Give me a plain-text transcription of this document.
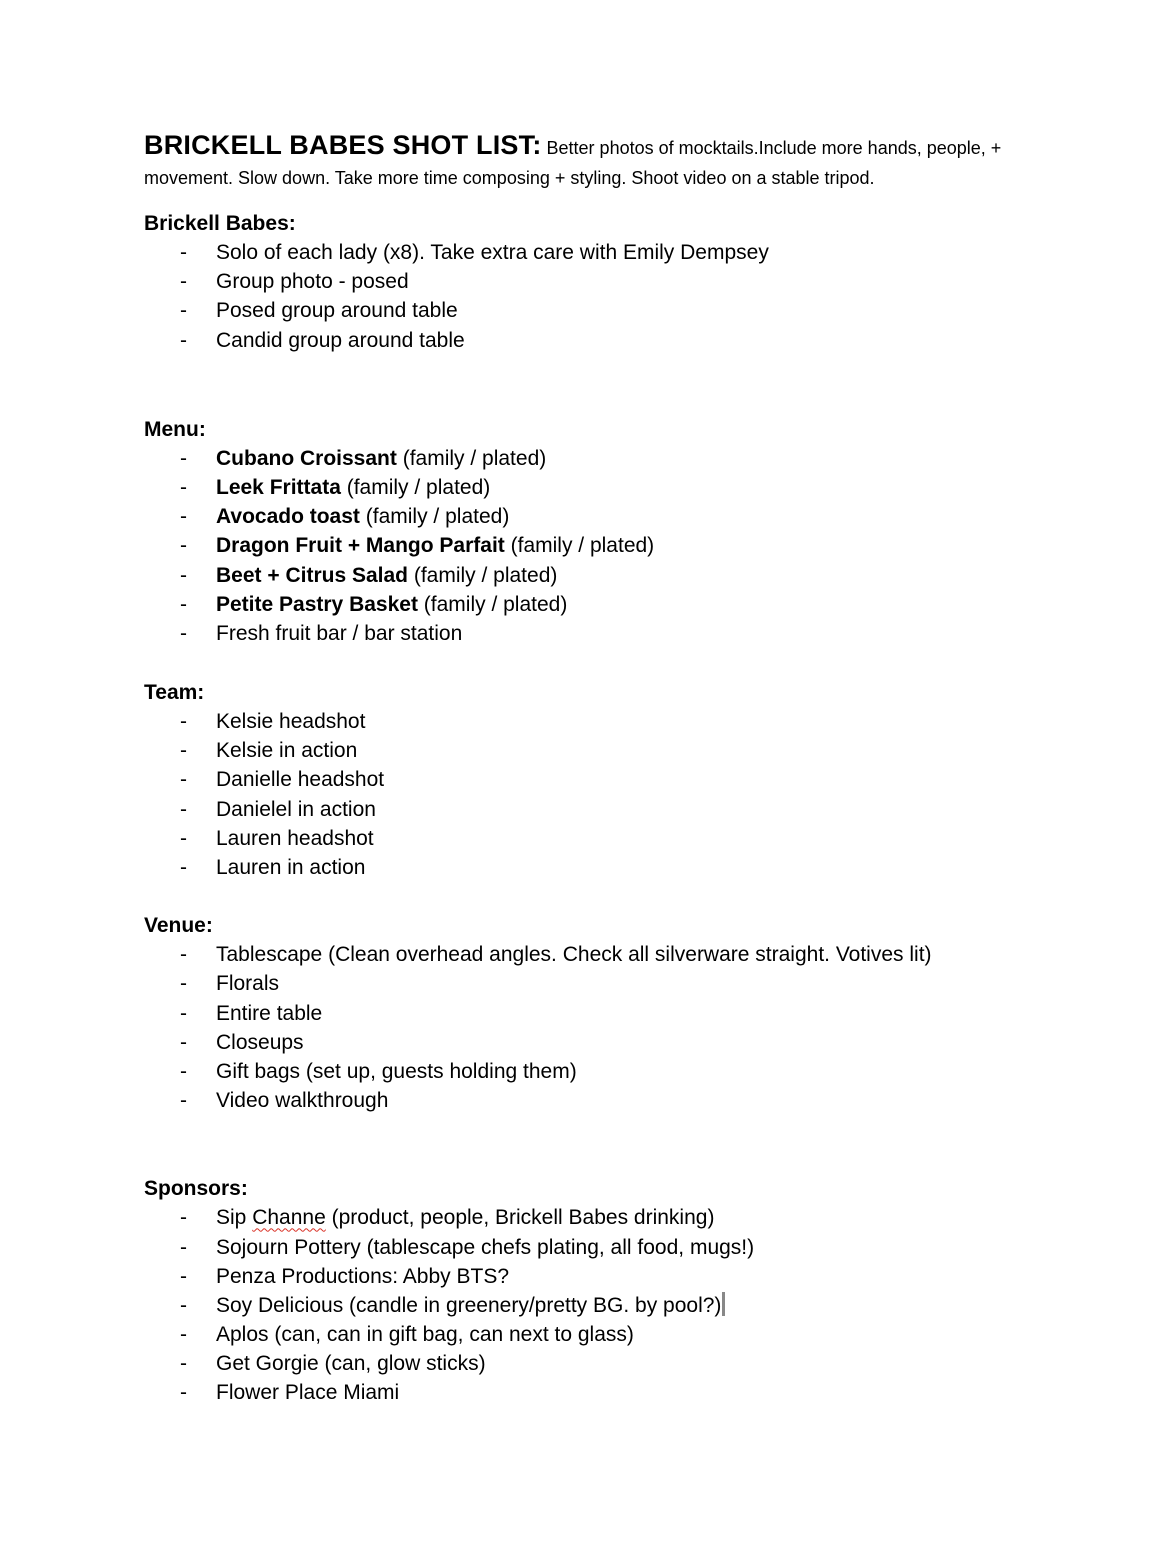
BRICKELL BABES SHOT LIST: Better photos of mocktails.Include more hands, people, + movement. Slow down. Take more time composing + styling. Shoot video on a stable tripod.
Brickell Babes:
- Solo of each lady (x8). Take extra care with Emily Dempsey
- Group photo - posed
- Posed group around table
- Candid group around table
Menu:
- Cubano Croissant (family / plated)
- Leek Frittata (family / plated)
- Avocado toast (family / plated)
- Dragon Fruit + Mango Parfait (family / plated)
- Beet + Citrus Salad (family / plated)
- Petite Pastry Basket (family / plated)
- Fresh fruit bar / bar station
Team:
- Kelsie headshot
- Kelsie in action
- Danielle headshot
- Danielel in action
- Lauren headshot
- Lauren in action
Venue:
- Tablescape (Clean overhead angles. Check all silverware straight. Votives lit)
- Florals
- Entire table
- Closeups
- Gift bags (set up, guests holding them)
- Video walkthrough
Sponsors:
- Sip Channe (product, people, Brickell Babes drinking)
- Sojourn Pottery (tablescape chefs plating, all food, mugs!)
- Penza Productions: Abby BTS?
- Soy Delicious (candle in greenery/pretty BG. by pool?)
- Aplos (can, can in gift bag, can next to glass)
- Get Gorgie (can, glow sticks)
- Flower Place Miami
